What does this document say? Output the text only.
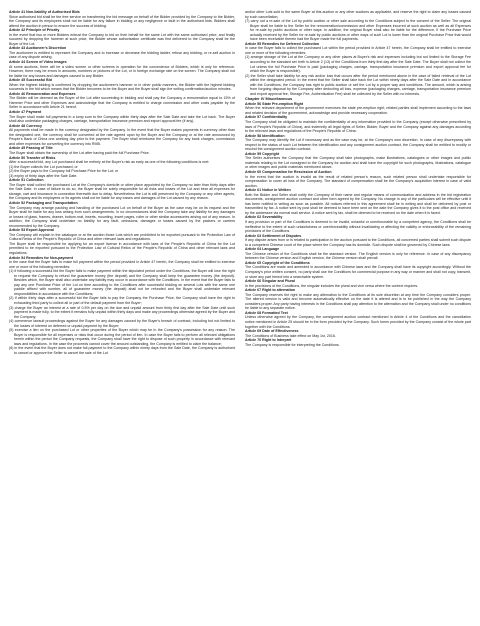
Article 41 Non-liability of Authorised Bids

Since authorised bid shall be the free service on transferring the bid message on behalf of the Bidder provided by the Company to the Bidder, the Company and its employees shall not be liable for any failure in bidding or any negligence or fault in the authorised bids. Bidders shall attend the auction in person to ensure the success of bidding.

Article 42 Principle of Priority

In the event that two or more Bidders entrust the Company to bid on their behalf for the same Lot with the same authorised price, and finally succeed by dropping the hammer at such price, the Bidder whose authorisation certificate was first delivered to the Company shall be the Buyer of the Lot.

Article 43 Auctioneer's Discretion

The auctioneer is entitled to represent the Company and to increase or decrease the bidding ladder, refuse any bidding, or re-sell auction in case of any dispute arising.

Article 44 Screen of Video Images

At some auctions, there will be a video screen or other screens in operation for the convenience of Bidders, which is only for reference. However, there may be errors in amounts, numbers or pictures of the Lot, or in foreign exchange rate on the screen. The Company shall not be liable for any losses and damages caused to any Bidder.

Article 45 Successful Bid

When the highest bidding is confirmed by dropping the auctioneer's hammer or in other public manners, the Bidder with the highest bidding succeeds in the bid which means that the Bidder becomes to be the Buyer and the Buyer shall sign the writing confirmation/auction minutes.

Article 46 Remuneration and Expenses

The Bidder will be deemed as the Buyer of the Lot after succeeding in bidding and shall pay the Company a remuneration equal to 15% of Hammer Price and other Expenses and acknowledge that the Company is entitled to charge commission and other costs payable by the Seller in accordance with Article 21 hereof.

Article 47 Payment

The Buyer shall make full payments in a lump sum to the Company within thirty days after the Sale Date and take the Lot back. The Buyer shall also undertake packaging charges, carriage, transportation insurance premium and export approval fee (if any).

Article 48 Currency

All payments shall be made in the currency designated by the Company. In the event that the Buyer makes payments in currency other than the designated one, the currency shall be converted at the rate agreed upon by the Buyer and the Company or at the rate announced by People's Bank of China one working day prior to the payment. The Buyer shall reimburse the Company for any bank charges, commission and other expenses for converting the currency into RMB.

Article 49 Passing of Title

The Buyer shall obtain the ownership of the Lot after having paid the full Purchase Price.

Article 50 Transfer of Risks

After a successful bid, any Lot purchased shall be entirely at the Buyer's risk as early as one of the following conditions is met:

(1) the Buyer collects the Lot purchased; or

(2) the Buyer pays to the Company full Purchase Price for the Lot; or

(3) expiry of thirty days after the Sale Date.

Article 51 Collection

The Buyer shall collect the purchased Lot at the Company's domicile or other place appointed by the Company no later than thirty days after the Sale Date. In case of failure to do so, the Buyer shall be solely responsible for all risks and losses of the Lot and bear all expenses for storage, cart and insurance in connection therewith due to delay. Nevertheless the Lot is still preserved by the Company or any other agents, the Company and its employees or its agents shall not be liable for any losses and damages of the Lot caused by any reason.

Article 52 Packaging and Transportation

The Company may arrange packing and handling of the purchased Lot on behalf of the Buyer as the case may be on its request and the Buyer shall be liable for any loss arising from such arrangements. In no circumstances shall the Company take any liability for any damages or losses of glass, frames, drawer, bottom-mat, inserts, mounting, insert pages, roller or other similar accessories arising out of any reason. In addition, the Company shall undertake no liability for any fault, omissions, damages or losses caused by the packers or carriers recommended by the Company.

Article 53 Export Approval

The Company will explain in the catalogue or at the auction those Lots which are prohibited to be exported pursuant to the Protection Law of Cultural Relics of the People's Republic of China and other relevant laws and regulations.

The Buyer shall be responsible for applying for an export license in accordance with laws of the People's Republic of China for the Lot permitted to be exported pursuant to the Protection Law of Cultural Relics of the People's Republic of China and other relevant laws and regulations.

Article 54 Remedies for Non-payment

In the case that the Buyer fails to make full payment within the period provided in Article 47 herein, the Company shall be entitled to exercise one or more of the following remedies:

(1) if following a successful bid the Buyer fails to make payment within the stipulated period under the Conditions, the Buyer will lose the right to request the Company to refund the guarantee money (the deposit) and the Company shall keep the guarantee money (the deposit). Besides which, the Buyer shall also undertake any liability may occur in accordance with the Conditions. In the event that the Buyer fails to pay any one Purchase Price of the Lot on time according to the Conditions after successful bidding on several Lots with the same one paddle affixed with number, all of guarantee money (the deposit) shall not be refunded and the Buyer shall undertake relevant responsibilities in accordance with the Conditions;

(2) if within thirty days after a successful bid the Buyer fails to pay the Company the Purchase Price, the Company shall have the right to exhausting third party to collect all or part of the default payment from the Buyer;

(3) charge the Buyer an interest at a rate of 0.5% per day on the due and unpaid amount from thirty first day after the Sale Date until such payment is made fully, to the extent it remains fully unpaid within thirty days and make any proceedings otherwise agreed by the Buyer and the Company;

(4) commence lawsuit proceedings against the Buyer for any damages caused by the Buyer's breach of contract, including but not limited to the losses of interest on deferred or unpaid payment by the Buyer;

(5) exercise a lien on the purchased Lot or other properties of the Buyer which may be in the Company's possession for any reason. The Buyer is responsible for all expenses or risks that occur during the period of lien. In case the Buyer fails to perform all relevant obligations herein within the period the Company requests, the Company shall have the right to dispose of such property in accordance with relevant laws and regulations. In the case the proceeds cannot cover the amount outstanding, the Company is entitled to claim the balance;

(6) in the event that the Buyer does not make full payment to the Company within ninety days from the Sale Date, the Company is authorised to cancel or approve the Seller to cancel the sale of the Lot

and/or other Lots sold to the same Buyer at this auction or any other auctions as applicable, and reserve the right to claim any losses caused by such cancellation;

(7) carry out a re-sale of the Lot by public auction or other sale according to the Conditions subject to the consent of the Seller. The original Buyer shall be liable to the Seller for the remuneration/commission and other Expenses incurred at such auction as well as all Expenses for re-sale by public auctions or other ways. In addition, the original Buyer shall also be liable for the difference, if the Purchase Price actually received by the Seller for re-sale by public auctions or other ways of such Lot is lower than the original Purchase Price that would have been receivable therein had the Buyer made the full payments.

Article 55 Remedies for Deferred Collection

In case the Buyer fails to collect the purchased Lot within the period provided in Article 47 herein, the Company shall be entitled to exercise one or more of the following remedies:

(1) arrange storage of the Lot at the Company or any other places at Buyer's risk and expenses including but not limited to the Storage Fee according to the standard set forth in Article 2 (13) of the Conditions from thirty first day after the Sale Date. The Buyer shall not collect the Lot unless the full Purchase Price is paid (packaging charges, carriage, transportation insurance premium and export approval fee for which the Buyer is responsible).

(2) the Seller shall take liability for any risk and/or loss that occurs after the period mentioned above in the case of failed retrieval of the Lot within the designated period. In the event that the Seller shall take back the Lot within ninety days after the Sale Date and in accordance with the Conditions, the Company has right to public auction or sell the Lot by a proper way and conditions. The amount, which is arising from forgoing disposal by the Company after deducting all loss, expense (packaging charges, carriage, transportation insurance premium and export approval fee, Storage Fee, Authentication Fee) shall be collected by the Seller with no interests.

Chapter IV Miscellaneous
Article 56 State Pre-emption Right

When the relevant department of the government exercises the state pre-emption right, related parties shall implement according to the laws and related decision of the government, acknowledge and provide necessary cooperation.

Article 57 Confidentiality

The Company shall be obligated to maintain the confidentiality of any information provided to the Company (except otherwise prescribed by laws of People's Republic of China), and indemnify all legal rights of Seller, Bidder, Buyer and the Company against any damages according to the relevant laws and regulations of the People's Republic of China.

Article 58 Identification

The Company may identify the Lot if necessary and as the case may be, at the Company's own discretion. In case of any discrepancy with respect to the status of such Lot between the identification and any consignment auction contract, the Company shall be entitled to modify or rescind the consignment auction contract.

Article 59 Copyright

The Seller authorises the Company that the Company shall take photographs, make illustrations, catalogues or other images and public materials relating to the Lot consigned to the Company for auction and shall have the copyright for such photographs, illustrations, catalogue or other images and public materials mentioned above.

Article 60 Compensation for Rescission of Auction

In the event that the auction is invalid as the result of related person's reason, such related person shall undertake responsible for compensation to cover all loss of the Company. The standard of compensation shall be the Company's acquisition interest in case of valid auction.

Article 61 Notice in Written

Both the Bidder and Seller shall notify the Company of their name and regular means of communication and address in the bid registration documents, consignment auction contract and other form agreed by the Company. No change in any of the particulars will be effective until it has been notified in writing as soon as possible. All notices referred in this agreement shall be in writing and shall be delivered by post or transmitted by fax. A notice sent by post shall be deemed to have been sent on the date the Company gives it to the post office and received by the addressee via normal mail service. A notice sent by fax, shall be deemed to be received on the date when it is faxed.

Article 62 Severability

If any provision or part of the Conditions is deemed to be invalid, unlawful or unenforceable by a competent agency, the Conditions shall be ineffective to the extent of such unlawfulness or unenforceability without invalidating or affecting the validity or enforceability of the remaining provisions of the Conditions.

Article 63 Settlement of Disputes

If any dispute arises from or is related to participation in the auction pursuant to the Conditions, all concerned parties shall submit such dispute to a competent Chinese court of the place where the Company has its domicile. Such dispute shall be governed by Chinese laws.

Article 64 Language

The Chinese version of the Conditions shall be the standard version. The English version is only for reference. In case of any discrepancy between the Chinese version and English version, the Chinese version shall prevail.

Article 65 Copyright of the Conditions

The Conditions are made and amended in accordance with Chinese laws and the Company shall have its copyright accordingly. Without the Company's prior written consent, no party shall use the Conditions for commercial purpose in any way or manner and shall not copy, transmit, or store any part hereof into a searchable system.

Article 66 Singular and Plural

In the provisions of the Conditions, the singular includes the plural and vice versa where the context requires.

Article 67 Right to alternation

The Company reserves the right to make any alternation to the Conditions at its sole discretion at any time the Company considers proper. The altered version is valid and become automatically effective on the date it is altered and is to be published in the way the Company considers proper. Any party having interests in the Conditions shall pay attention to the alternation and the Company shall under no conditions be liable to any separate notice.

Article 68 Formatted Text

Unless otherwise agreed by the Company, the consignment auction contract mentioned in Article 4 of the Conditions and the cancellation notice mentioned in Article 25 should be in the form provided by the Company. Such forms provided by the Company consist of the whole part together with the Conditions.

Article 69 Date of Effectiveness

The Conditions of Business take effect on May 1st, 2016.

Article 70 Right to Interpret

The Company is responsible for interpreting the Conditions.
